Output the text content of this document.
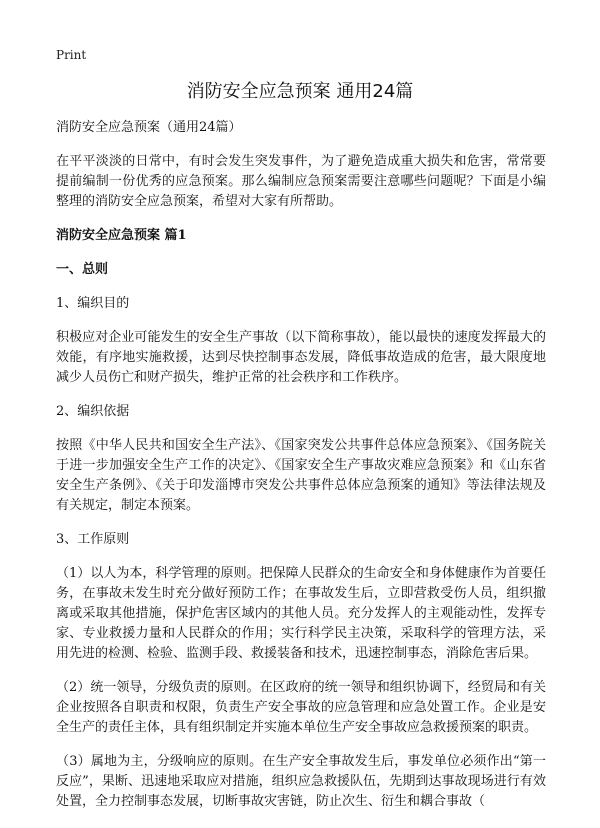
Print
消防安全应急预案 通用24篇

消防安全应急预案（通用24篇）

在平平淡淡的日常中，有时会发生突发事件，为了避免造成重大损失和危害，常常要提前编制一份优秀的应急预案。那么编制应急预案需要注意哪些问题呢？下面是小编整理的消防安全应急预案，希望对大家有所帮助。

消防安全应急预案 篇1

一、总则

1、编织目的

积极应对企业可能发生的安全生产事故（以下简称事故），能以最快的速度发挥最大的效能，有序地实施救援，达到尽快控制事态发展，降低事故造成的危害，最大限度地减少人员伤亡和财产损失，维护正常的社会秩序和工作秩序。

2、编织依据

按照《中华人民共和国安全生产法》、《国家突发公共事件总体应急预案》、《国务院关于进一步加强安全生产工作的决定》、《国家安全生产事故灾难应急预案》和《山东省安全生产条例》、《关于印发淄博市突发公共事件总体应急预案的通知》等法律法规及有关规定，制定本预案。

3、工作原则

（1）以人为本，科学管理的原则。把保障人民群众的生命安全和身体健康作为首要任务，在事故未发生时充分做好预防工作；在事故发生后，立即营救受伤人员，组织撤离或采取其他措施，保护危害区域内的其他人员。充分发挥人的主观能动性，发挥专家、专业救援力量和人民群众的作用；实行科学民主决策，采取科学的管理方法，采用先进的检测、检验、监测手段、救援装备和技术，迅速控制事态，消除危害后果。

（2）统一领导，分级负责的原则。在区政府的统一领导和组织协调下，经贸局和有关企业按照各自职责和权限，负责生产安全事故的应急管理和应急处置工作。企业是安全生产的责任主体，具有组织制定并实施本单位生产安全事故应急救援预案的职责。

（3）属地为主，分级响应的原则。在生产安全事故发生后，事发单位必须作出“第一反应”，果断、迅速地采取应对措施，组织应急救援队伍，先期到达事故现场进行有效处置，全力控制事态发展，切断事故灾害链，防止次生、衍生和耦合事故（
